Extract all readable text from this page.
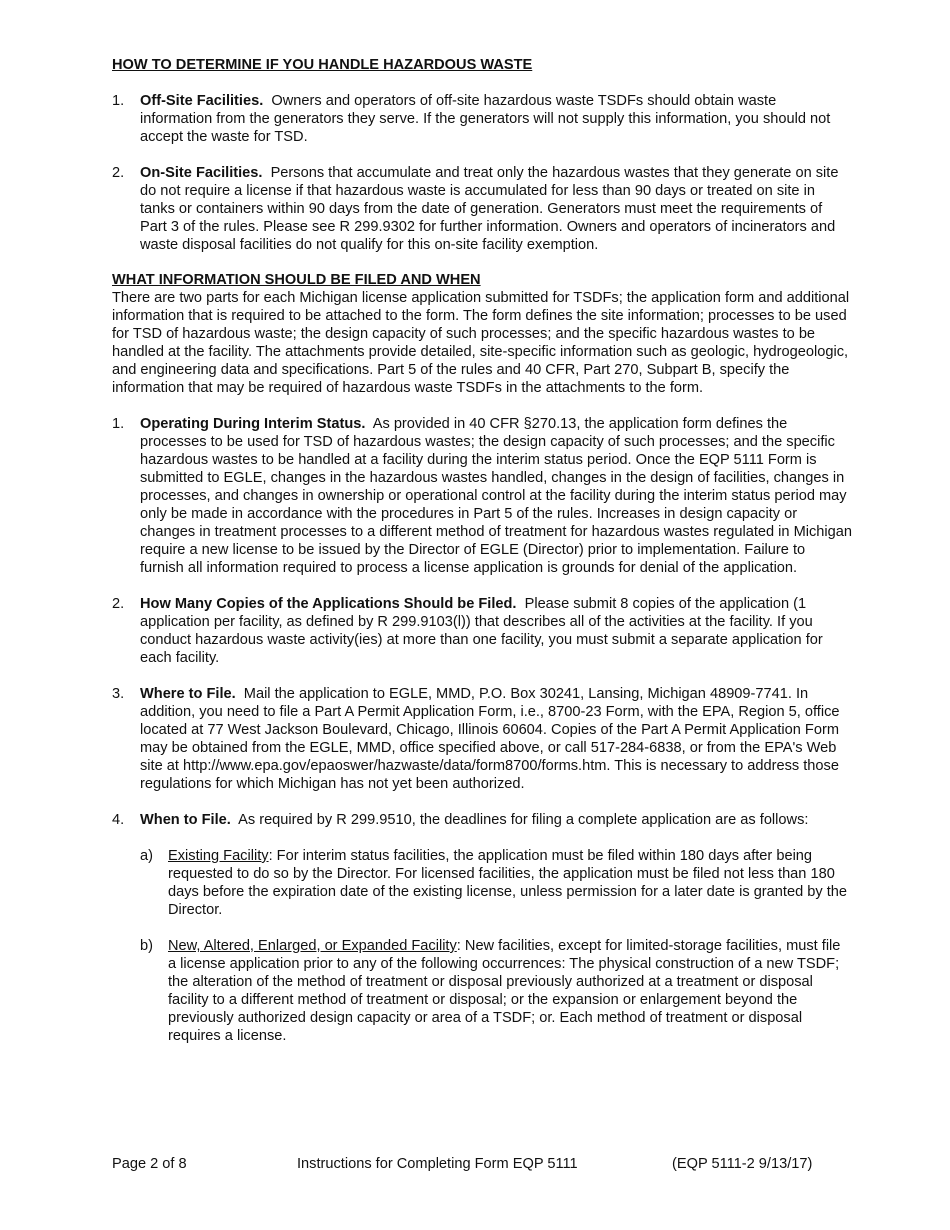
HOW TO DETERMINE IF YOU HANDLE HAZARDOUS WASTE

1. Off-Site Facilities. Owners and operators of off-site hazardous waste TSDFs should obtain waste information from the generators they serve. If the generators will not supply this information, you should not accept the waste for TSD.
2. On-Site Facilities. Persons that accumulate and treat only the hazardous wastes that they generate on site do not require a license if that hazardous waste is accumulated for less than 90 days or treated on site in tanks or containers within 90 days from the date of generation. Generators must meet the requirements of Part 3 of the rules. Please see R 299.9302 for further information. Owners and operators of incinerators and waste disposal facilities do not qualify for this on-site facility exemption.

WHAT INFORMATION SHOULD BE FILED AND WHEN

There are two parts for each Michigan license application submitted for TSDFs; the application form and additional information that is required to be attached to the form. The form defines the site information; processes to be used for TSD of hazardous waste; the design capacity of such processes; and the specific hazardous wastes to be handled at the facility. The attachments provide detailed, site-specific information such as geologic, hydrogeologic, and engineering data and specifications. Part 5 of the rules and 40 CFR, Part 270, Subpart B, specify the information that may be required of hazardous waste TSDFs in the attachments to the form.

1. Operating During Interim Status. As provided in 40 CFR §270.13, the application form defines the processes to be used for TSD of hazardous wastes; the design capacity of such processes; and the specific hazardous wastes to be handled at a facility during the interim status period. Once the EQP 5111 Form is submitted to EGLE, changes in the hazardous wastes handled, changes in the design of facilities, changes in processes, and changes in ownership or operational control at the facility during the interim status period may only be made in accordance with the procedures in Part 5 of the rules. Increases in design capacity or changes in treatment processes to a different method of treatment for hazardous wastes regulated in Michigan require a new license to be issued by the Director of EGLE (Director) prior to implementation. Failure to furnish all information required to process a license application is grounds for denial of the application.
2. How Many Copies of the Applications Should be Filed. Please submit 8 copies of the application (1 application per facility, as defined by R 299.9103(l)) that describes all of the activities at the facility. If you conduct hazardous waste activity(ies) at more than one facility, you must submit a separate application for each facility.
3. Where to File. Mail the application to EGLE, MMD, P.O. Box 30241, Lansing, Michigan 48909-7741. In addition, you need to file a Part A Permit Application Form, i.e., 8700-23 Form, with the EPA, Region 5, office located at 77 West Jackson Boulevard, Chicago, Illinois 60604. Copies of the Part A Permit Application Form may be obtained from the EGLE, MMD, office specified above, or call 517-284-6838, or from the EPA's Web site at http://www.epa.gov/epaoswer/hazwaste/data/form8700/forms.htm. This is necessary to address those regulations for which Michigan has not yet been authorized.
4. When to File. As required by R 299.9510, the deadlines for filing a complete application are as follows:
a) Existing Facility: For interim status facilities, the application must be filed within 180 days after being requested to do so by the Director. For licensed facilities, the application must be filed not less than 180 days before the expiration date of the existing license, unless permission for a later date is granted by the Director.
b) New, Altered, Enlarged, or Expanded Facility: New facilities, except for limited-storage facilities, must file a license application prior to any of the following occurrences: The physical construction of a new TSDF; the alteration of the method of treatment or disposal previously authorized at a treatment or disposal facility to a different method of treatment or disposal; or the expansion or enlargement beyond the previously authorized design capacity or area of a TSDF; or. Each method of treatment or disposal requires a license.
Page 2 of 8	Instructions for Completing Form EQP 5111	(EQP 5111-2 9/13/17)
